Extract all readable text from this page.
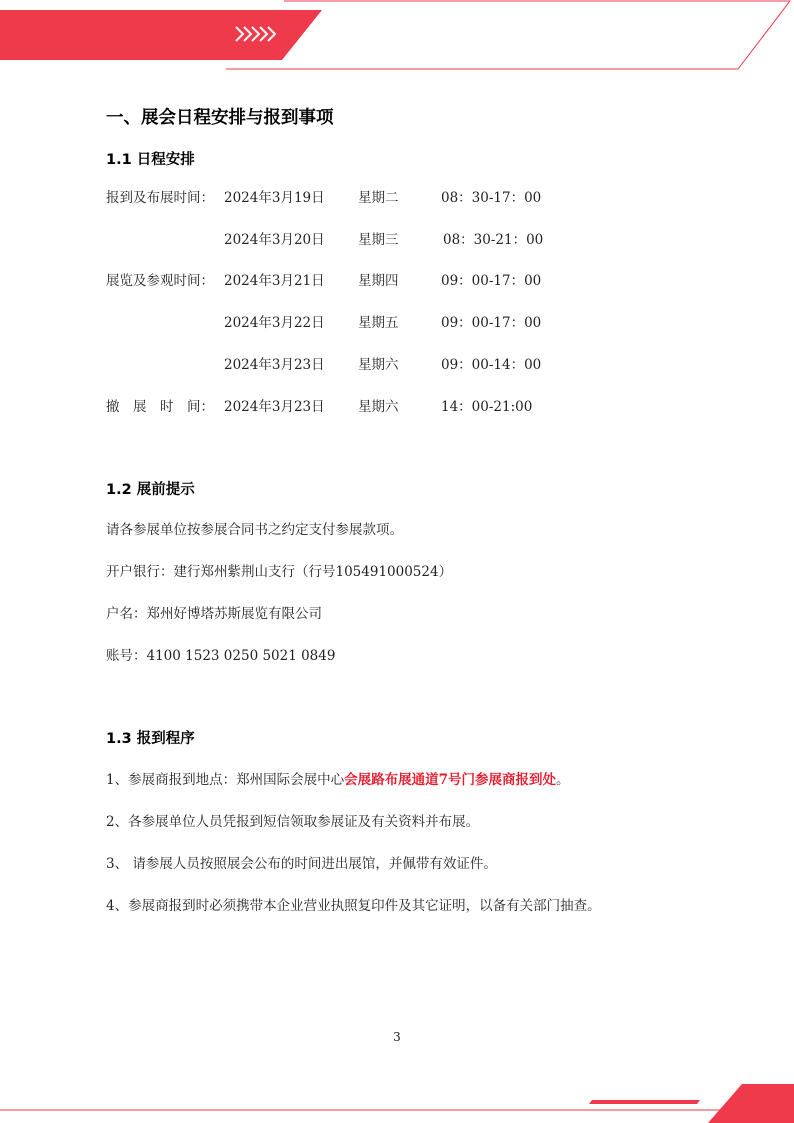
一、展会日程安排与报到事项
1.1 日程安排
报到及布展时间： 2024年3月19日 星期二	08：30-17：00
2024年3月20日 星期三	08：30-21：00
展览及参观时间： 2024年3月21日 星期四	09：00-17：00
2024年3月22日 星期五	09：00-17：00
2024年3月23日 星期六	09：00-14：00
撤　展　时　间： 2024年3月23日 星期六	14：00-21:00
1.2 展前提示
请各参展单位按参展合同书之约定支付参展款项。
开户银行：建行郑州紫荆山支行（行号105491000524）
户名：郑州好博塔苏斯展览有限公司
账号：4100 1523 0250 5021 0849
1.3 报到程序
1、参展商报到地点：郑州国际会展中心会展路布展通道7号门参展商报到处。
2、各参展单位人员凭报到短信领取参展证及有关资料并布展。
3、 请参展人员按照展会公布的时间进出展馆，并佩带有效证件。
4、参展商报到时必须携带本企业营业执照复印件及其它证明，以备有关部门抽查。
3
